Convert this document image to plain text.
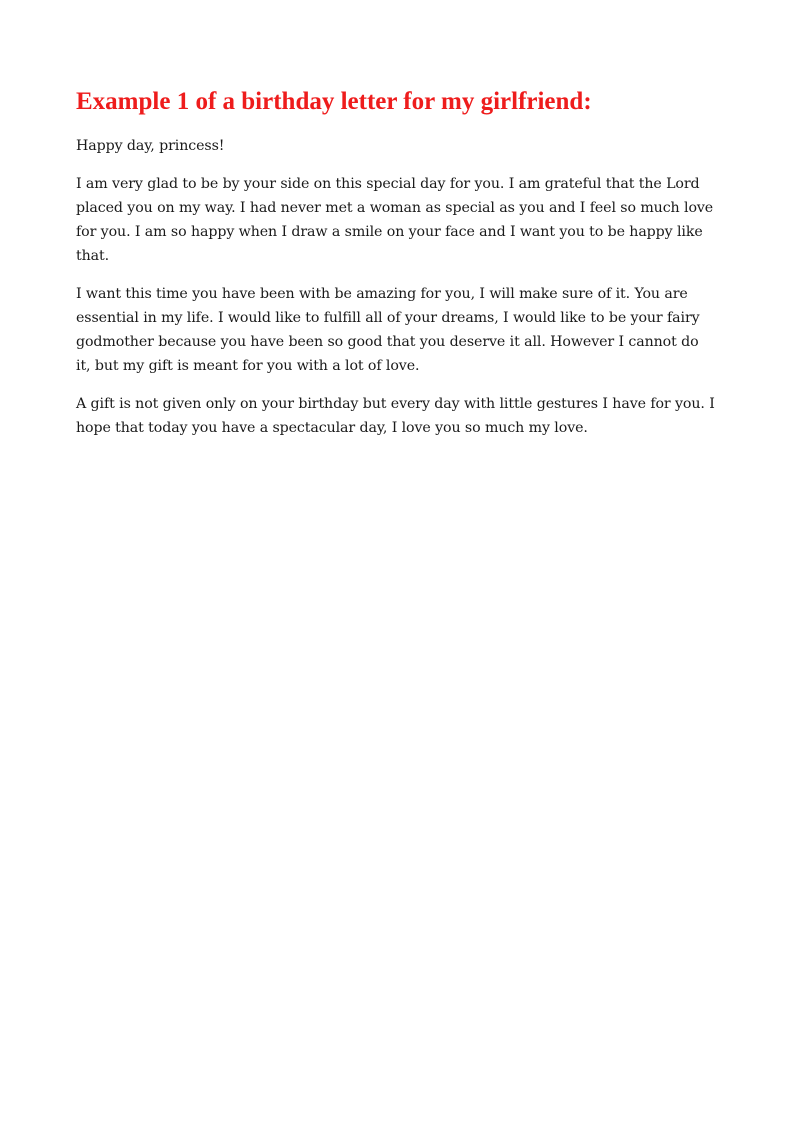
Example 1 of a birthday letter for my girlfriend:

Happy day, princess!

I am very glad to be by your side on this special day for you. I am grateful that the Lord placed you on my way. I had never met a woman as special as you and I feel so much love for you. I am so happy when I draw a smile on your face and I want you to be happy like that.

I want this time you have been with be amazing for you, I will make sure of it. You are essential in my life. I would like to fulfill all of your dreams, I would like to be your fairy godmother because you have been so good that you deserve it all. However I cannot do it, but my gift is meant for you with a lot of love.

A gift is not given only on your birthday but every day with little gestures I have for you. I hope that today you have a spectacular day, I love you so much my love.
